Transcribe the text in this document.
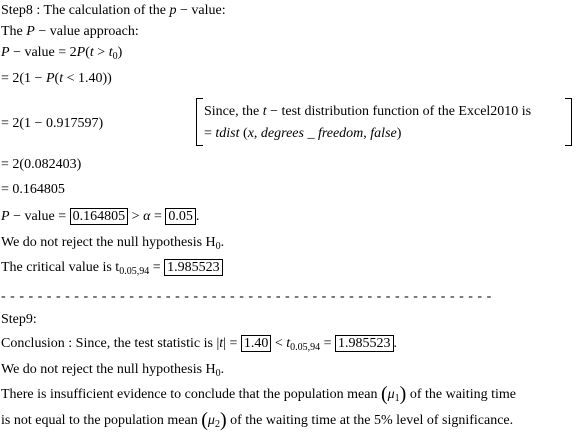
Step8 : The calculation of the p − value:
The P − value approach:
P − value = $2P(t > t_0)$
= 2(1 − P(t < 1.40))
= 2(1 − 0.917597)
Since, the t − test distribution function of the Excel2010 is
= tdist (x, degrees _ freedom, false)
= 2(0.082403)
= 0.164805
P − value = 0.164805 > α = 0.05 .
We do not reject the null hypothesis $H_0$.
The critical value is $t_{0.05,94} = 1.985523$
- - - - - - - - - - - - - - - - - - - - - - - - - - - - - - - - - - - - - - - - - - - - - - - - - - - - - -
Step9:
Conclusion : Since, the test statistic is $|t| = 1.40 < t_{0.05,94} = 1.985523$ .
We do not reject the null hypothesis $H_0$.
There is insufficient evidence to conclude that the population mean $(\mu_1)$ of the waiting time
is not equal to the population mean $(\mu_2)$ of the waiting time at the 5% level of significance.
